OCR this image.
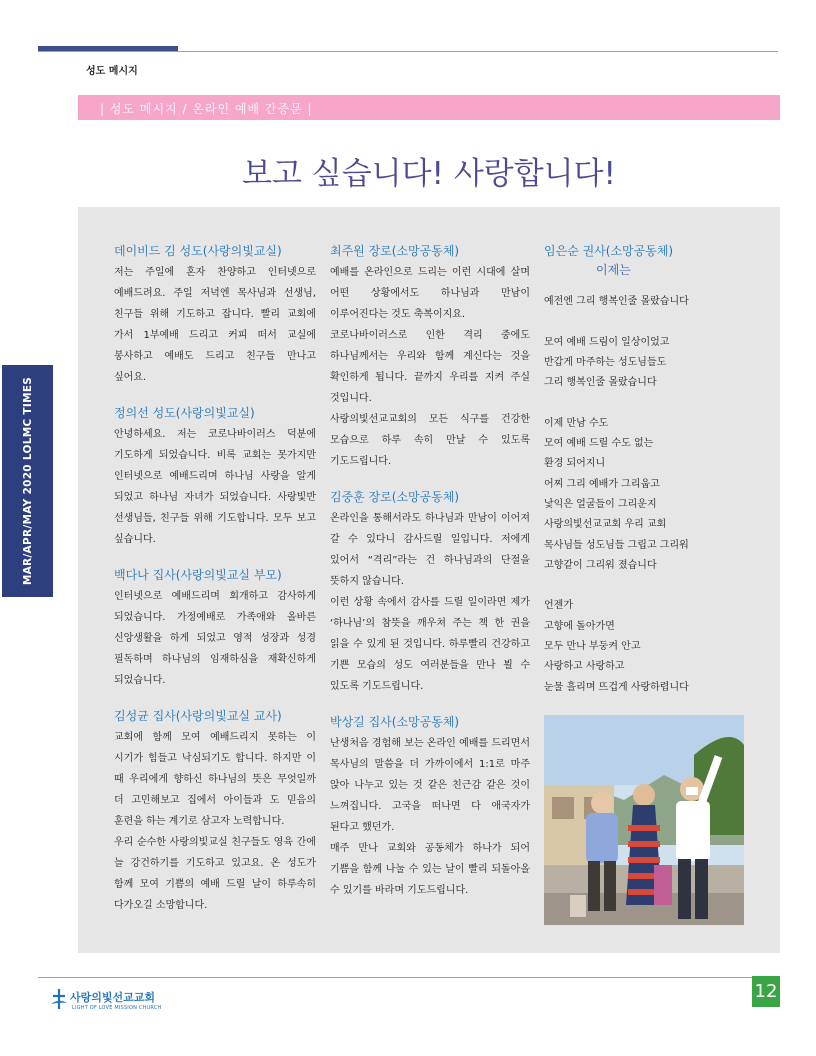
성도 메시지
| 성도 메시지 / 온라인 예배 간증문 |
보고 싶습니다! 사랑합니다!
MAR/APR/MAY 2020 LOLMC TIMES
데이비드 김 성도(사랑의빛교실)
저는 주일에 혼자 찬양하고 인터넷으로 예배드려요. 주일 저녁엔 목사님과 선생님, 친구들 위해 기도하고 잡니다. 빨리 교회에 가서 1부예배 드리고 커피 떠서 교실에 봉사하고 예배도 드리고 친구들 만나고 싶어요.
정의선 성도(사랑의빛교실)
안녕하세요. 저는 코로나바이러스 덕분에 기도하게 되었습니다. 비록 교회는 못가지만 인터넷으로 예배드리며 하나님 사랑을 알게 되었고 하나님 자녀가 되었습니다. 사랑빛반 선생님들, 친구들 위해 기도합니다. 모두 보고 싶습니다.
백다나 집사(사랑의빛교실 부모)
인터넷으로 예배드리며 회개하고 감사하게 되었습니다. 가정예배로 가족애와 올바른 신앙생활을 하게 되었고 영적 성장과 성경 필독하며 하나님의 임재하심을 재확신하게 되었습니다.
김성균 집사(사랑의빛교실 교사)
교회에 함께 모여 예배드리지 못하는 이 시기가 힘들고 낙심되기도 합니다. 하지만 이 때 우리에게 향하신 하나님의 뜻은 무엇일까 더 고민해보고 집에서 아이들과 도 믿음의 훈련을 하는 계기로 삼고자 노력합니다.
우리 순수한 사랑의빛교실 친구들도 영육 간에 늘 강건하기를 기도하고 있고요. 온 성도가 함께 모여 기쁨의 예배 드릴 날이 하루속히 다가오길 소망합니다.
최주원 장로(소망공동체)
예배를 온라인으로 드리는 이런 시대에 살며 어떤 상황에서도 하나님과 만남이 이루어진다는 것도 축복이지요.
코로나바이러스로 인한 격리 중에도 하나님께서는 우리와 함께 계신다는 것을 확인하게 됩니다. 끝까지 우리를 지켜 주실 것입니다.
사랑의빛선교교회의 모든 식구를 건강한 모습으로 하루 속히 만날 수 있도록 기도드립니다.
김중훈 장로(소망공동체)
온라인을 통해서라도 하나님과 만남이 이어져 갈 수 있다니 감사드릴 일입니다. 저에게 있어서 “격리”라는 건 하나님과의 단절을 뜻하지 않습니다.
이런 상황 속에서 감사를 드릴 일이라면 제가 ‘하나님’의 참뜻을 깨우쳐 주는 책 한 권을 읽을 수 있게 된 것입니다. 하루빨리 건강하고 기쁜 모습의 성도 여러분들을 만나 뵐 수 있도록 기도드립니다.
박상길 집사(소망공동체)
난생처음 경험해 보는 온라인 예배를 드리면서 목사님의 말씀을 더 가까이에서 1:1로 마주 앉아 나누고 있는 것 같은 친근감 같은 것이 느껴집니다. 고국을 떠나면 다 애국자가 된다고 했던가.
매주 만나 교회와 공동체가 하나가 되어 기쁨을 함께 나눌 수 있는 날이 빨리 되돌아올 수 있기를 바라며 기도드립니다.
임은순 권사(소망공동체)
이제는
예전엔 그리 행복인줄 몰랐습니다
모여 예배 드림이 일상이었고
반갑게 마주하는 성도님들도
그리 행복인줄 몰랐습니다
이제 만남 수도
모여 예배 드릴 수도 없는
환경 되어지니
어찌 그리 예배가 그리웁고
낯익은 얼굴들이 그리운지
사랑의빛선교교회 우리 교회
목사님들 성도님들 그립고 그리워
고향같이 그리워 졌습니다
언젠가
고향에 돌아가면
모두 만나 부둥켜 안고
사랑하고 사랑하고
눈물 흘리며 뜨겁게 사랑하렵니다
사랑의빛선교교회
LIGHT OF LOVE MISSION CHURCH
12
